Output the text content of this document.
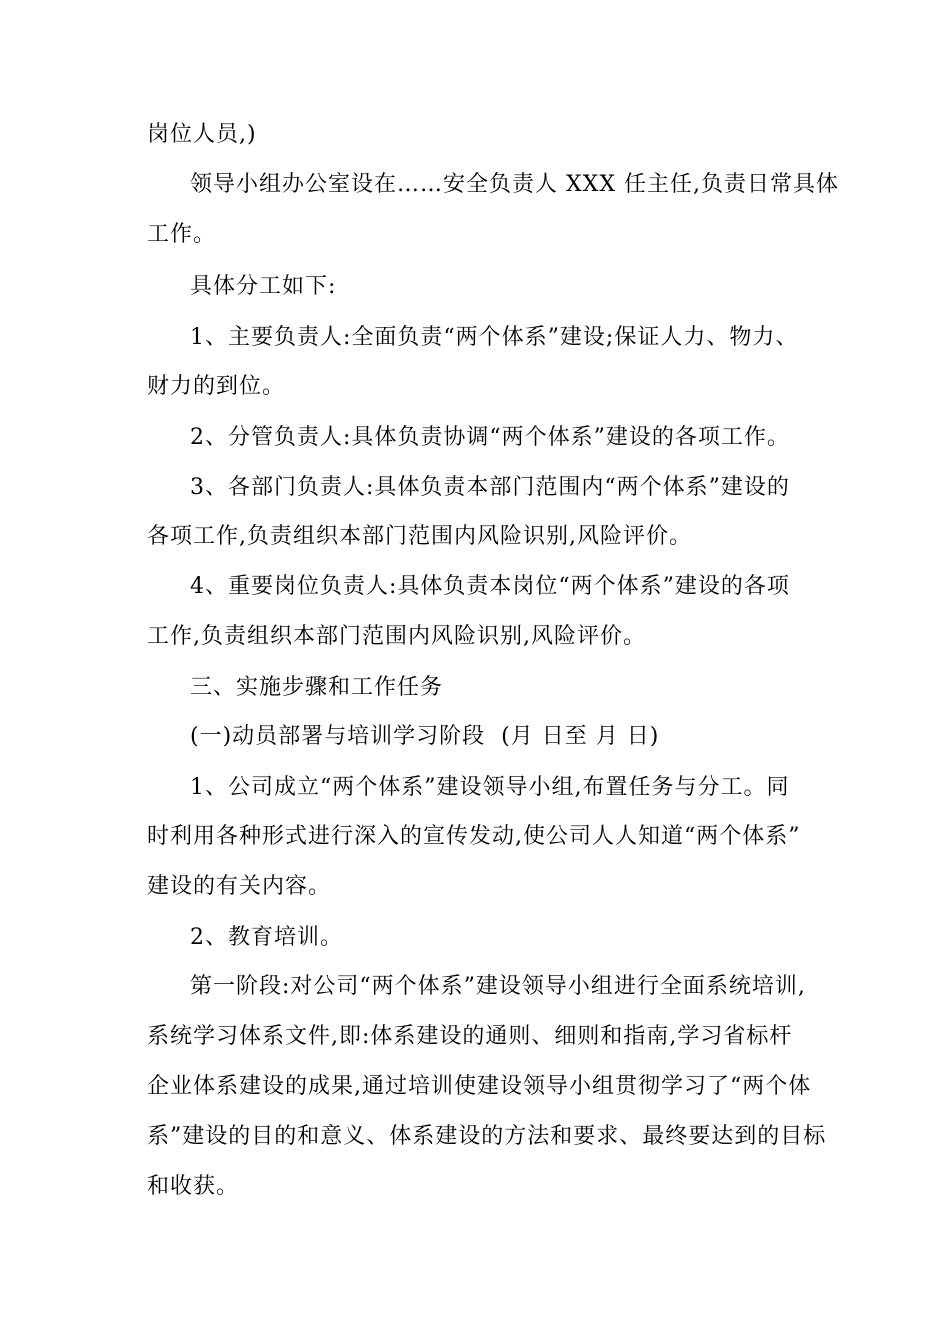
岗位人员,)
领导小组办公室设在……安全负责人 XXX 任主任,负责日常具体
工作。
具体分工如下:
1、主要负责人:全面负责“两个体系”建设;保证人力、物力、
财力的到位。
2、分管负责人:具体负责协调“两个体系”建设的各项工作。
3、各部门负责人:具体负责本部门范围内“两个体系”建设的
各项工作,负责组织本部门范围内风险识别,风险评价。
4、重要岗位负责人:具体负责本岗位“两个体系”建设的各项
工作,负责组织本部门范围内风险识别,风险评价。
三、实施步骤和工作任务
(一)动员部署与培训学习阶段  (月 日至 月 日)
1、公司成立“两个体系”建设领导小组,布置任务与分工。同
时利用各种形式进行深入的宣传发动,使公司人人知道“两个体系”
建设的有关内容。
2、教育培训。
第一阶段:对公司“两个体系”建设领导小组进行全面系统培训,
系统学习体系文件,即:体系建设的通则、细则和指南,学习省标杆
企业体系建设的成果,通过培训使建设领导小组贯彻学习了“两个体
系”建设的目的和意义、体系建设的方法和要求、最终要达到的目标
和收获。
